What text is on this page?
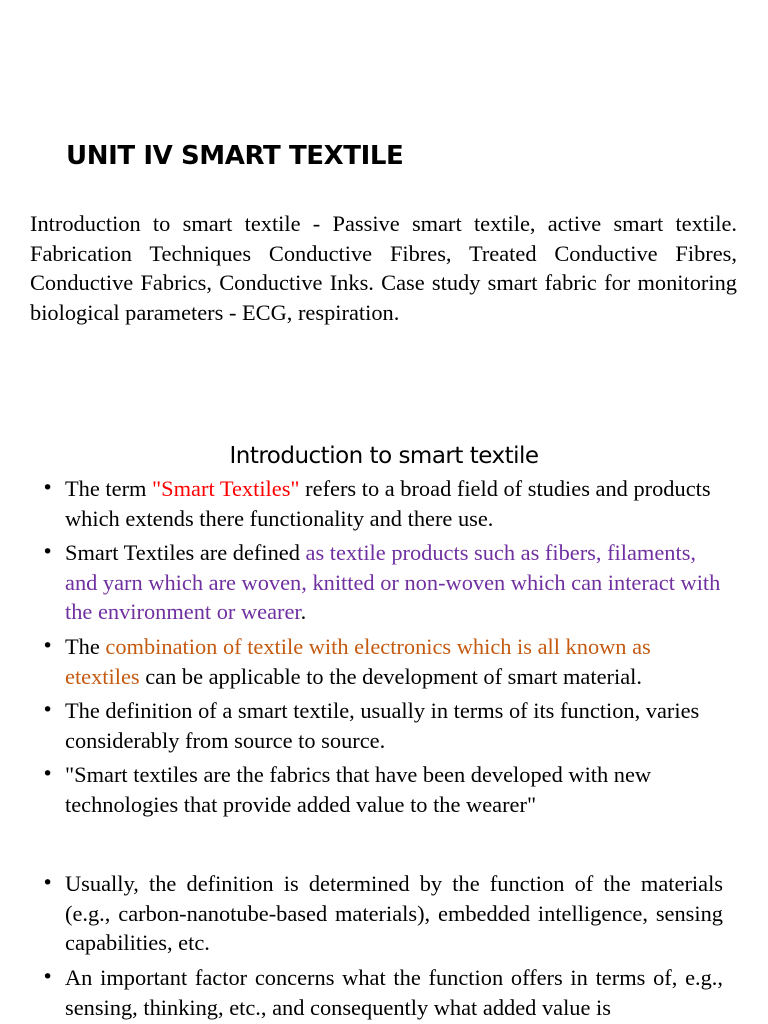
UNIT IV SMART TEXTILE

Introduction to smart textile - Passive smart textile, active smart textile. Fabrication Techniques Conductive Fibres, Treated Conductive Fibres, Conductive Fabrics, Conductive Inks. Case study smart fabric for monitoring biological parameters - ECG, respiration.

Introduction to smart textile
• The term "Smart Textiles" refers to a broad field of studies and products which extends there functionality and there use.
• Smart Textiles are defined as textile products such as fibers, filaments, and yarn which are woven, knitted or non-woven which can interact with the environment or wearer.
• The combination of textile with electronics which is all known as etextiles can be applicable to the development of smart material.
• The definition of a smart textile, usually in terms of its function, varies considerably from source to source.
• "Smart textiles are the fabrics that have been developed with new technologies that provide added value to the wearer"
• Usually, the definition is determined by the function of the materials (e.g., carbon-nanotube-based materials), embedded intelligence, sensing capabilities, etc.
• An important factor concerns what the function offers in terms of, e.g., sensing, thinking, etc., and consequently what added value is
